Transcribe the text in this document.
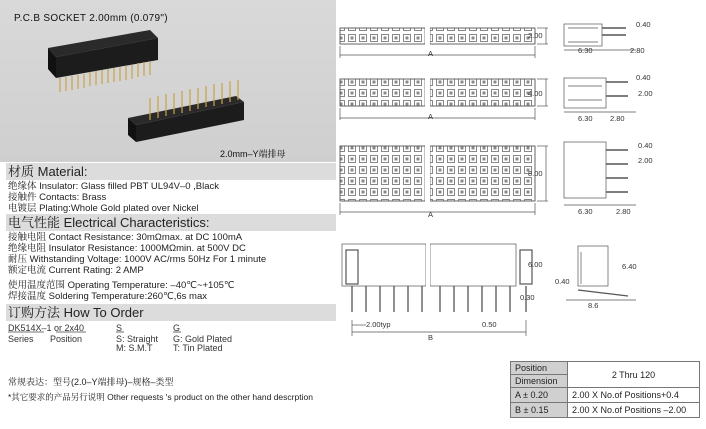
P.C.B SOCKET 2.00mm (0.079")
2.0mm–Y端排母
材质 Material:
绝缘体 Insulator: Glass filled PBT UL94V–0 ,Black
接触件 Contacts: Brass
电镀层 Plating:Whole Gold plated over Nickel
电气性能 Electrical Characteristics:
接触电阻 Contact Resistance: 30mΩmax. at DC 100mA
绝缘电阻 Insulator Resistance: 1000MΩmin. at 500V DC
耐压 Withstanding Voltage: 1000V AC/rms 50Hz For 1 minute
额定电流 Current Rating: 2 AMP
使用温度范围 Operating Temperature: –40℃~+105℃
焊接温度 Soldering Temperature:260℃,6s max
订购方法 How To Order
DK514X–1 or 2x40
Series Position
S
S: Straight
M: S.M.T
G
G: Gold Plated
T: Tin Plated
常规表达：型号(2.0–Y端排母)–规格–类型
*其它要求的产品另行说明 Other requests 's product on the other hand descrption
2.00
A
0.40
6.30	2.80
4.00
A
0.40
2.00
6.30 2.80
8.00
A
0.40
2.00
6.30	2.80
6.00	6.40
0.40
0.30
8.6
2.00typ	0.50
B
Position	2 Thru 120
Dimension	
A ± 0.20	2.00 X No.of Positions+0.4
B ± 0.15	2.00 X No.of Positions –2.00
